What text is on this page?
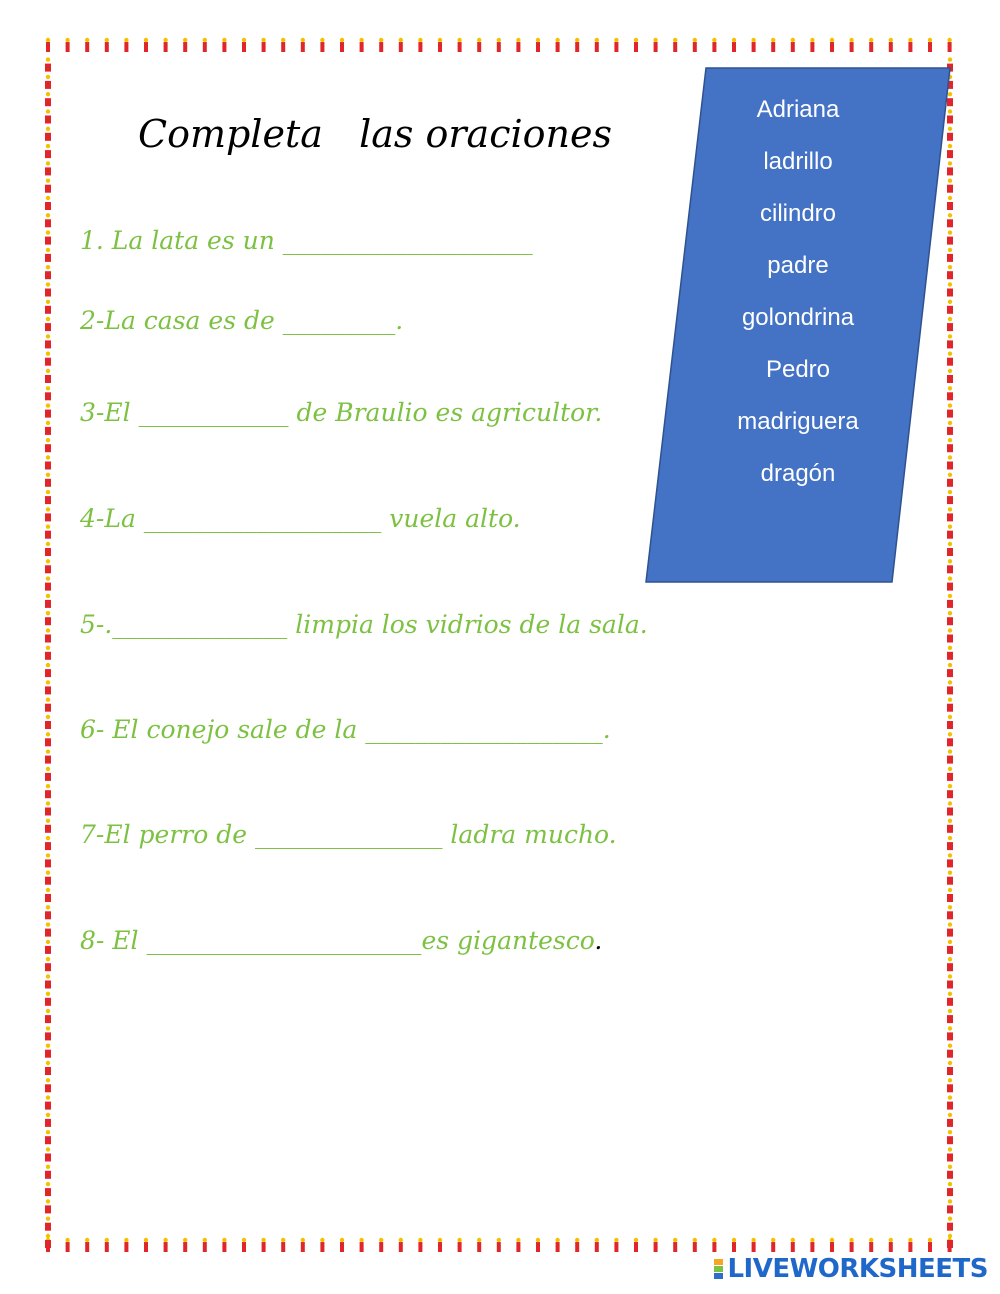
Completa   las oraciones
1. La lata es un ____________________
2-La casa es de _________.
3-El ____________ de Braulio es agricultor.
4-La ___________________ vuela alto.
5-.______________ limpia los vidrios de la sala.
6- El conejo sale de la ___________________.
7-El perro de _______________ ladra mucho.
8- El ______________________es gigantesco.
Adriana
ladrillo
cilindro
padre
golondrina
Pedro
madriguera
dragón
LIVEWORKSHEETS
